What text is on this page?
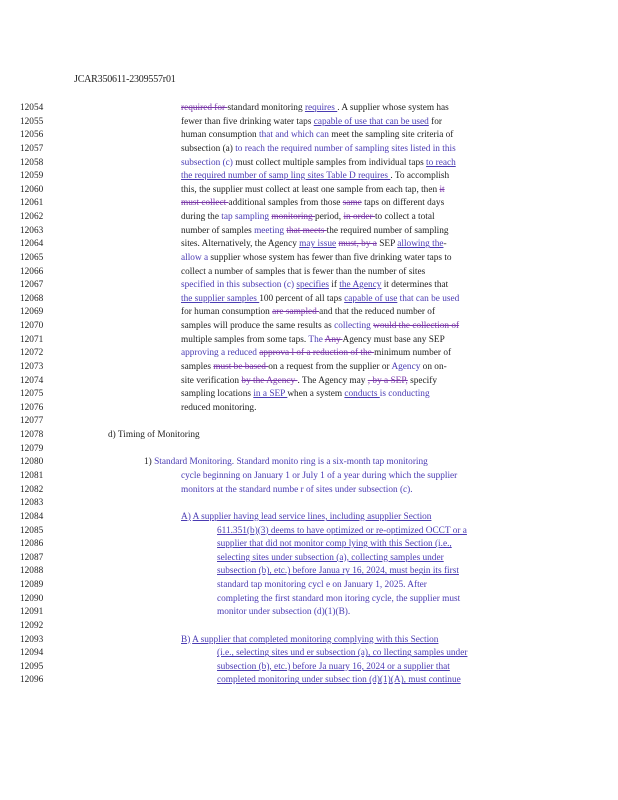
JCAR350611-2309557r01
12054	required for standard monitoring requires . A supplier whose system has
12055	fewer than five drinking water taps capable of use that can be used for
12056	human consumption that and which can meet the sampling site criteria of
12057	subsection (a) to reach the required number of sampling sites listed in this
12058	subsection (c) must collect multiple samples from individual taps to reach
12059	the required number of samp ling sites Table D requires . To accomplish
12060	this, the supplier must collect at least one sample from each tap, then it
12061	must collect additional samples from those same taps on different days
12062	during the tap sampling monitoring period, in order to collect a total
12063	number of samples meeting that meets the required number of sampling
12064	sites. Alternatively, the Agency may issue must, by a SEP allowing the-
12065	allow a supplier whose system has fewer than five drinking water taps to
12066	collect a number of samples that is fewer than the number of sites
12067	specified in this subsection (c) specifies if the Agency it determines that
12068	the supplier samples 100 percent of all taps capable of use that can be used
12069	for human consumption are sampled and that the reduced number of
12070	samples will produce the same results as collecting would the collection of
12071	multiple samples from some taps. The Any Agency must base any SEP
12072	approving a reduced approva l of a reduction of the minimum number of
12073	samples must be based on a request from the supplier or Agency on on-
12074	site verification by the Agency . The Agency may , by a SEP, specify
12075	sampling locations in a SEP when a system conducts is conducting
12076	reduced monitoring.
12077
12078	d) Timing of Monitoring
12079
12080	1) Standard Monitoring. Standard monito ring is a six-month tap monitoring
12081	cycle beginning on January 1 or July 1 of a year during which the supplier
12082	monitors at the standard numbe r of sites under subsection (c).
12083
12084	A) A supplier having lead service lines, including asupplier Section
12085	611.351(b)(3) deems to have optimized or re-optimized OCCT or a
12086	supplier that did not monitor comp lying with this Section (i.e.,
12087	selecting sites under subsection (a), collecting samples under
12088	subsection (b), etc.) before Janua ry 16, 2024, must begin its first
12089	standard tap monitoring cycl e on January 1, 2025. After
12090	completing the first standard mon itoring cycle, the supplier must
12091	monitor under subsection (d)(1)(B).
12092
12093	B) A supplier that completed monitoring complying with this Section
12094	(i.e., selecting sites und er subsection (a), co llecting samples under
12095	subsection (b), etc.) before Ja nuary 16, 2024 or a supplier that
12096	completed monitoring under subsec tion (d)(1)(A), must continue
